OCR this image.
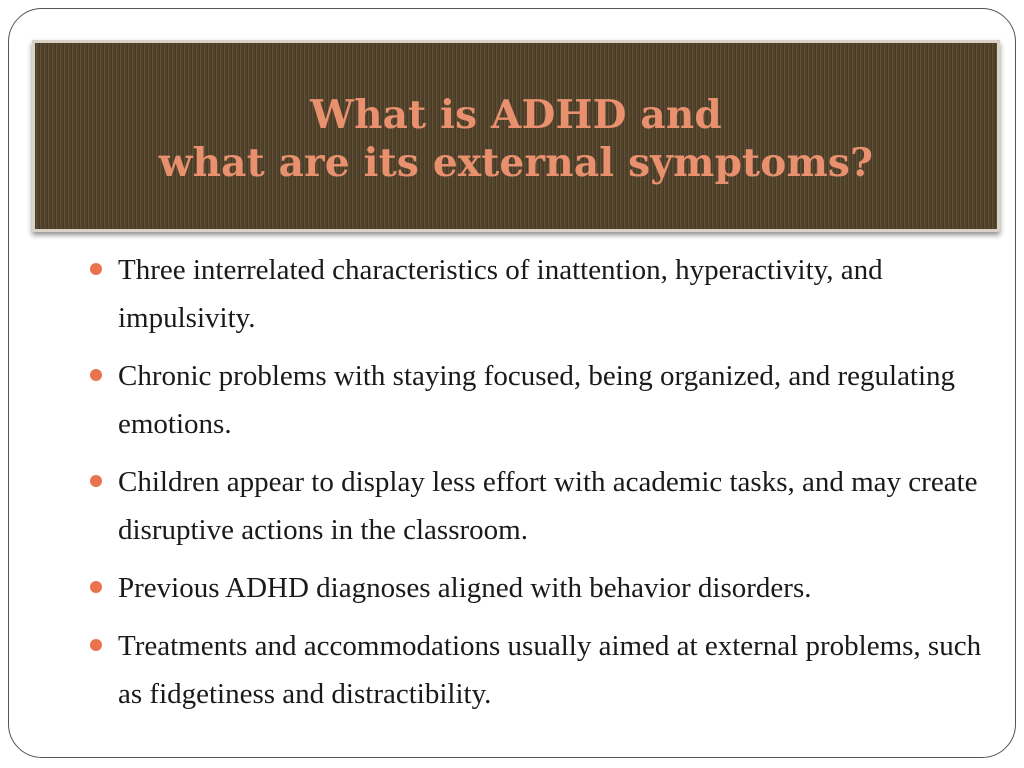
What is ADHD and
what are its external symptoms?
Three interrelated characteristics of inattention, hyperactivity, and impulsivity.
Chronic problems with staying focused, being organized, and regulating emotions.
Children appear to display less effort with academic tasks, and may create disruptive actions in the classroom.
Previous ADHD diagnoses aligned with behavior disorders.
Treatments and accommodations usually aimed at external problems, such as fidgetiness and distractibility.
